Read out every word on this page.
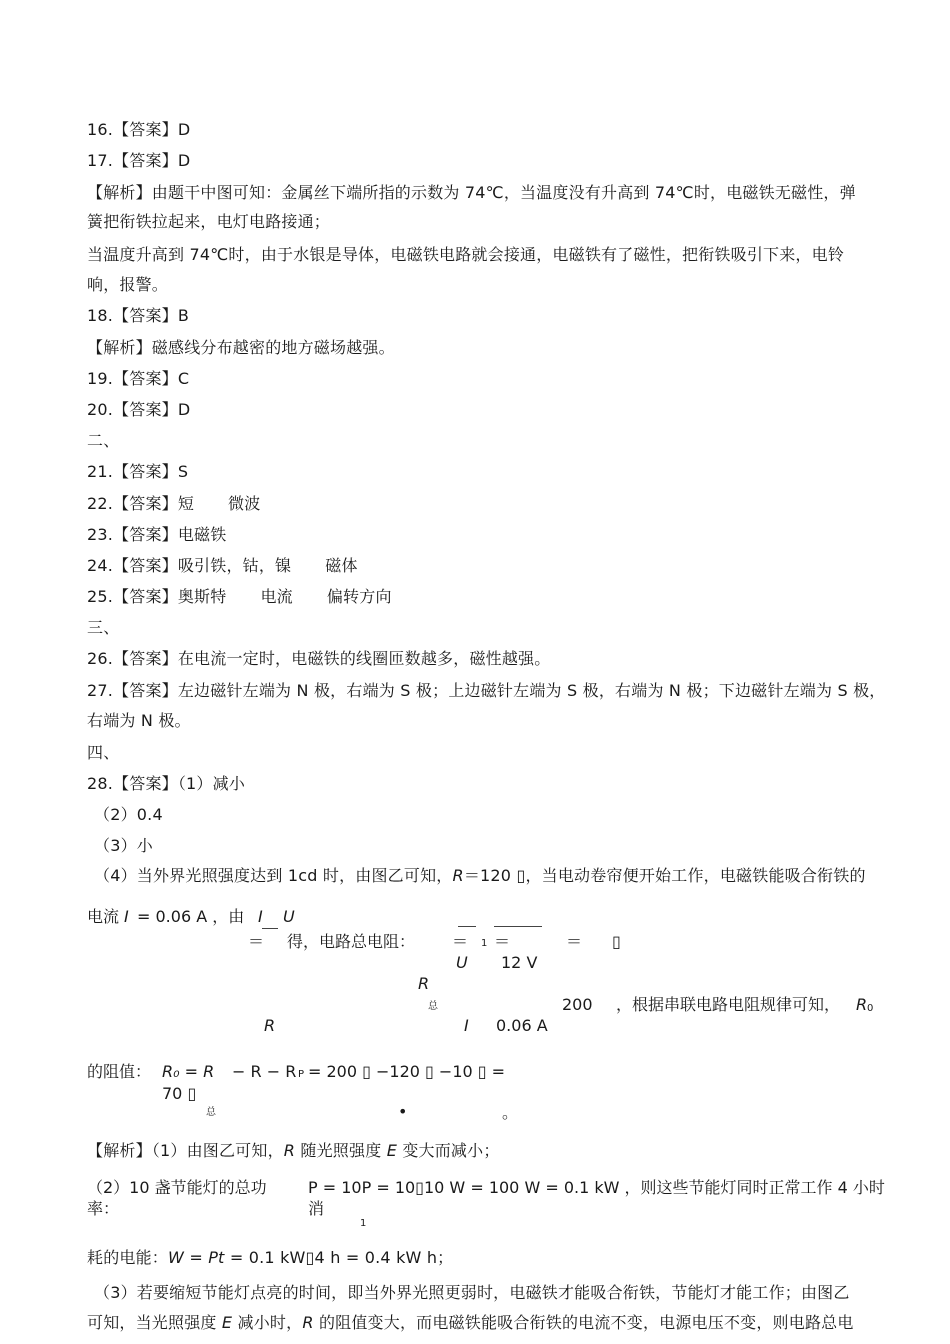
16.【答案】D
17.【答案】D
【解析】由题干中图可知：金属丝下端所指的示数为 74℃，当温度没有升高到 74℃时，电磁铁无磁性，弹
簧把衔铁拉起来，电灯电路接通；
当温度升高到 74℃时，由于水银是导体，电磁铁电路就会接通，电磁铁有了磁性，把衔铁吸引下来，电铃
响，报警。
18.【答案】B
【解析】磁感线分布越密的地方磁场越强。
19.【答案】C
20.【答案】D
二、
21.【答案】S
22.【答案】短 微波
23.【答案】电磁铁
24.【答案】吸引铁，钴，镍 磁体
25.【答案】奥斯特 电流 偏转方向
三、
26.【答案】在电流一定时，电磁铁的线圈匝数越多，磁性越强。
27.【答案】左边磁针左端为 N 极，右端为 S 极；上边磁针左端为 S 极，右端为 N 极；下边磁针左端为 S 极，
右端为 N 极。
四、
28.【答案】（1）减小
（2）0.4
（3）小
（4）当外界光照强度达到 1cd 时，由图乙可知，R＝120 ▯，当电动卷帘便开始工作，电磁铁能吸合衔铁的
电流 I = 0.06 A ，由 I U
＝ 得，电路总电阻： ＝ 1 ＝	＝ ▯
U 12 V
R
总	200 ，根据串联电路电阻规律可知， R 0
R	I 0.06 A
的阻值： R₀ = R − R − R P = 200 ▯ −120 ▯ −10 ▯ =
70 ▯
总	•	。
【解析】（1）由图乙可知，R 随光照强度 E 变大而减小；
（2）10 盏节能灯的总功率：
P = 10P = 10▯10 W = 100 W = 0.1 kW ，则这些节能灯同时正常工作 4 小时消
1
耗的电能：W = Pt = 0.1 kW▯4 h = 0.4 kW h；
（3）若要缩短节能灯点亮的时间，即当外界光照更弱时，电磁铁才能吸合衔铁，节能灯才能工作；由图乙
可知，当光照强度 E 减小时，R 的阻值变大，而电磁铁能吸合衔铁的电流不变，电源电压不变，则电路总电
